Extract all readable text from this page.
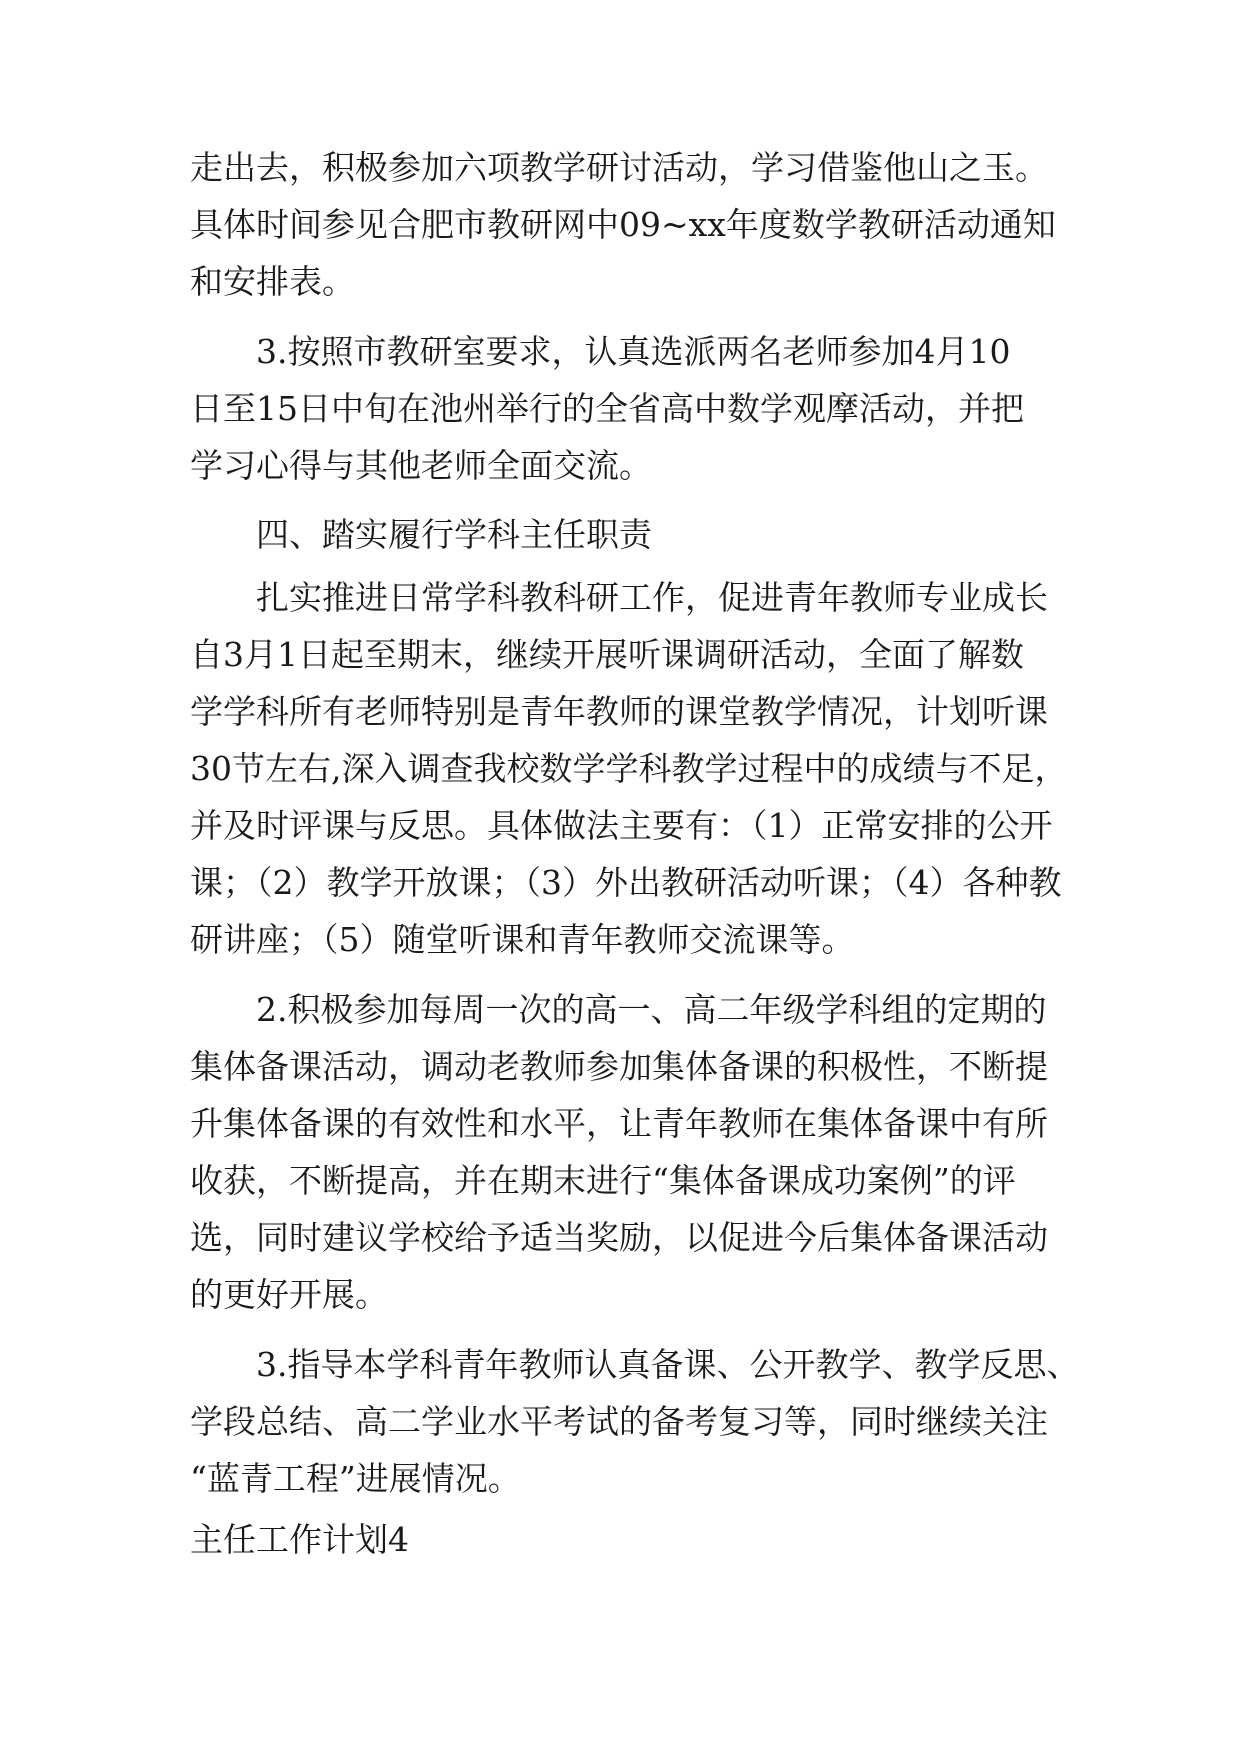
走出去，积极参加六项教学研讨活动，学习借鉴他山之玉。
具体时间参见合肥市教研网中09~xx年度数学教研活动通知
和安排表。
3.按照市教研室要求，认真选派两名老师参加4月10
日至15日中旬在池州举行的全省高中数学观摩活动，并把
学习心得与其他老师全面交流。
四、踏实履行学科主任职责
扎实推进日常学科教科研工作，促进青年教师专业成长
自3月1日起至期末，继续开展听课调研活动，全面了解数
学学科所有老师特别是青年教师的课堂教学情况，计划听课
30节左右,深入调查我校数学学科教学过程中的成绩与不足，
并及时评课与反思。具体做法主要有：（1）正常安排的公开
课；（2）教学开放课；（3）外出教研活动听课；（4）各种教
研讲座；（5）随堂听课和青年教师交流课等。
2.积极参加每周一次的高一、高二年级学科组的定期的
集体备课活动，调动老教师参加集体备课的积极性，不断提
升集体备课的有效性和水平，让青年教师在集体备课中有所
收获，不断提高，并在期末进行“集体备课成功案例”的评
选，同时建议学校给予适当奖励，以促进今后集体备课活动
的更好开展。
3.指导本学科青年教师认真备课、公开教学、教学反思、
学段总结、高二学业水平考试的备考复习等，同时继续关注
“蓝青工程”进展情况。
主任工作计划4
